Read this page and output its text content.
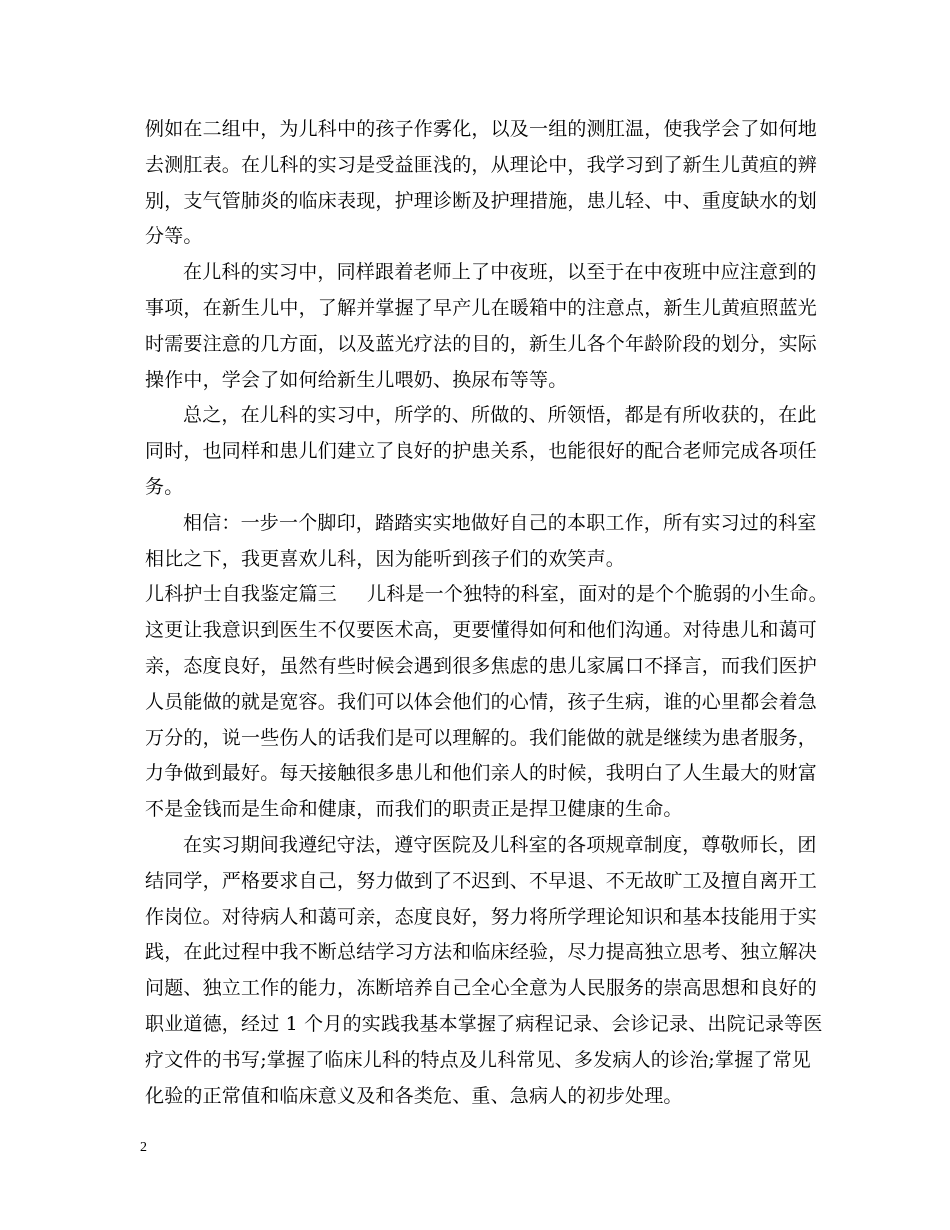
例如在二组中，为儿科中的孩子作雾化，以及一组的测肛温，使我学会了如何地
去测肛表。在儿科的实习是受益匪浅的，从理论中，我学习到了新生儿黄疸的辨
别，支气管肺炎的临床表现，护理诊断及护理措施，患儿轻、中、重度缺水的划
分等。
在儿科的实习中，同样跟着老师上了中夜班，以至于在中夜班中应注意到的
事项，在新生儿中，了解并掌握了早产儿在暖箱中的注意点，新生儿黄疸照蓝光
时需要注意的几方面，以及蓝光疗法的目的，新生儿各个年龄阶段的划分，实际
操作中，学会了如何给新生儿喂奶、换尿布等等。
总之，在儿科的实习中，所学的、所做的、所领悟，都是有所收获的，在此
同时，也同样和患儿们建立了良好的护患关系，也能很好的配合老师完成各项任
务。
相信：一步一个脚印，踏踏实实地做好自己的本职工作，所有实习过的科室
相比之下，我更喜欢儿科，因为能听到孩子们的欢笑声。
儿科护士自我鉴定篇三 儿科是一个独特的科室，面对的是个个脆弱的小生命。
这更让我意识到医生不仅要医术高，更要懂得如何和他们沟通。对待患儿和蔼可
亲，态度良好，虽然有些时候会遇到很多焦虑的患儿家属口不择言，而我们医护
人员能做的就是宽容。我们可以体会他们的心情，孩子生病，谁的心里都会着急
万分的，说一些伤人的话我们是可以理解的。我们能做的就是继续为患者服务，
力争做到最好。每天接触很多患儿和他们亲人的时候，我明白了人生最大的财富
不是金钱而是生命和健康，而我们的职责正是捍卫健康的生命。
在实习期间我遵纪守法，遵守医院及儿科室的各项规章制度，尊敬师长，团
结同学，严格要求自己，努力做到了不迟到、不早退、不无故旷工及擅自离开工
作岗位。对待病人和蔼可亲，态度良好，努力将所学理论知识和基本技能用于实
践，在此过程中我不断总结学习方法和临床经验，尽力提高独立思考、独立解决
问题、独立工作的能力，冻断培养自己全心全意为人民服务的崇高思想和良好的
职业道德，经过 1 个月的实践我基本掌握了病程记录、会诊记录、出院记录等医
疗文件的书写;掌握了临床儿科的特点及儿科常见、多发病人的诊治;掌握了常见
化验的正常值和临床意义及和各类危、重、急病人的初步处理。
2
